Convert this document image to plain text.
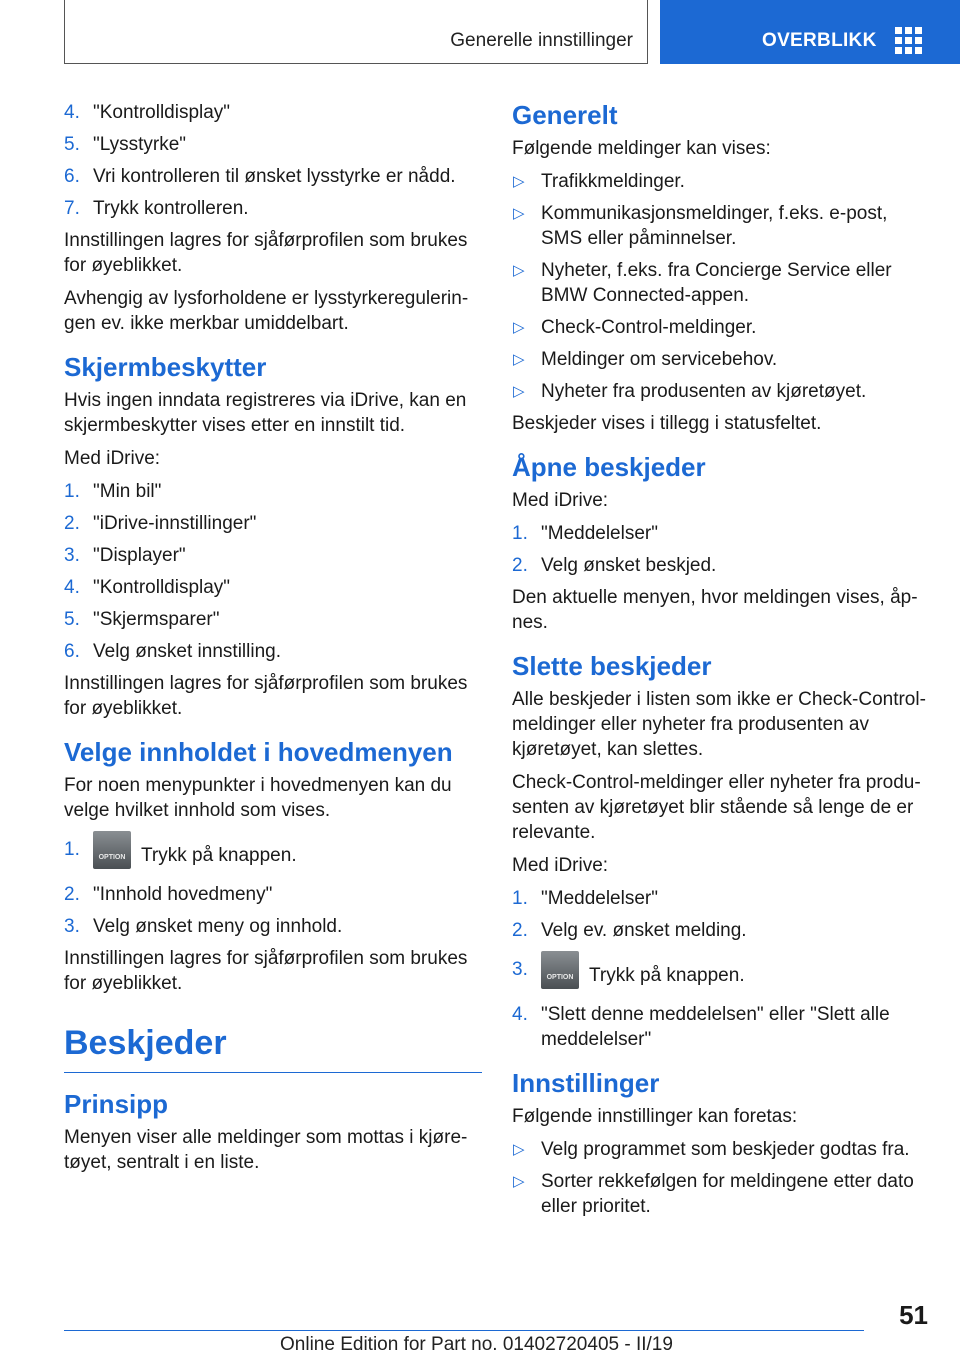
Generelle innstillinger	OVERBLIKK
4. "Kontrolldisplay"
5. "Lysstyrke"
6. Vri kontrolleren til ønsket lysstyrke er nådd.
7. Trykk kontrolleren.

Innstillingen lagres for sjåførprofilen som brukes for øyeblikket.

Avhengig av lysforholdene er lysstyrkereguleringen ev. ikke merkbar umiddelbart.

Skjermbeskytter

Hvis ingen inndata registreres via iDrive, kan en skjermbeskytter vises etter en innstilt tid.

Med iDrive:

1. "Min bil"
2. "iDrive-innstillinger"
3. "Displayer"
4. "Kontrolldisplay"
5. "Skjermsparer"
6. Velg ønsket innstilling.

Innstillingen lagres for sjåførprofilen som brukes for øyeblikket.

Velge innholdet i hovedmenyen

For noen menypunkter i hovedmenyen kan du velge hvilket innhold som vises.

1.	OPTION Trykk på knappen.
2. "Innhold hovedmeny"
3. Velg ønsket meny og innhold.

Innstillingen lagres for sjåførprofilen som brukes for øyeblikket.

Beskjeder
Prinsipp

Menyen viser alle meldinger som mottas i kjøretøyet, sentralt i en liste.

Generelt

Følgende meldinger kan vises:

▷ Trafikkmeldinger.
▷ Kommunikasjonsmeldinger, f.eks. e-post, SMS eller påminnelser.
▷ Nyheter, f.eks. fra Concierge Service eller BMW Connected-appen.
▷ Check-Control-meldinger.
▷ Meldinger om servicebehov.
▷ Nyheter fra produsenten av kjøretøyet.

Beskjeder vises i tillegg i statusfeltet.

Åpne beskjeder

Med iDrive:

1. "Meddelelser"
2. Velg ønsket beskjed.

Den aktuelle menyen, hvor meldingen vises, åpnes.

Slette beskjeder

Alle beskjeder i listen som ikke er Check-Control-meldinger eller nyheter fra produsenten av kjøretøyet, kan slettes.

Check-Control-meldinger eller nyheter fra produsenten av kjøretøyet blir stående så lenge de er relevante.

Med iDrive:

1. "Meddelelser"
2. Velg ev. ønsket melding.
3.	OPTION Trykk på knappen.
4. "Slett denne meddelelsen" eller "Slett alle meddelelser"
Innstillinger

Følgende innstillinger kan foretas:

▷ Velg programmet som beskjeder godtas fra.
▷ Sorter rekkefølgen for meldingene etter dato eller prioritet.
51
Online Edition for Part no. 01402720405 - II/19
